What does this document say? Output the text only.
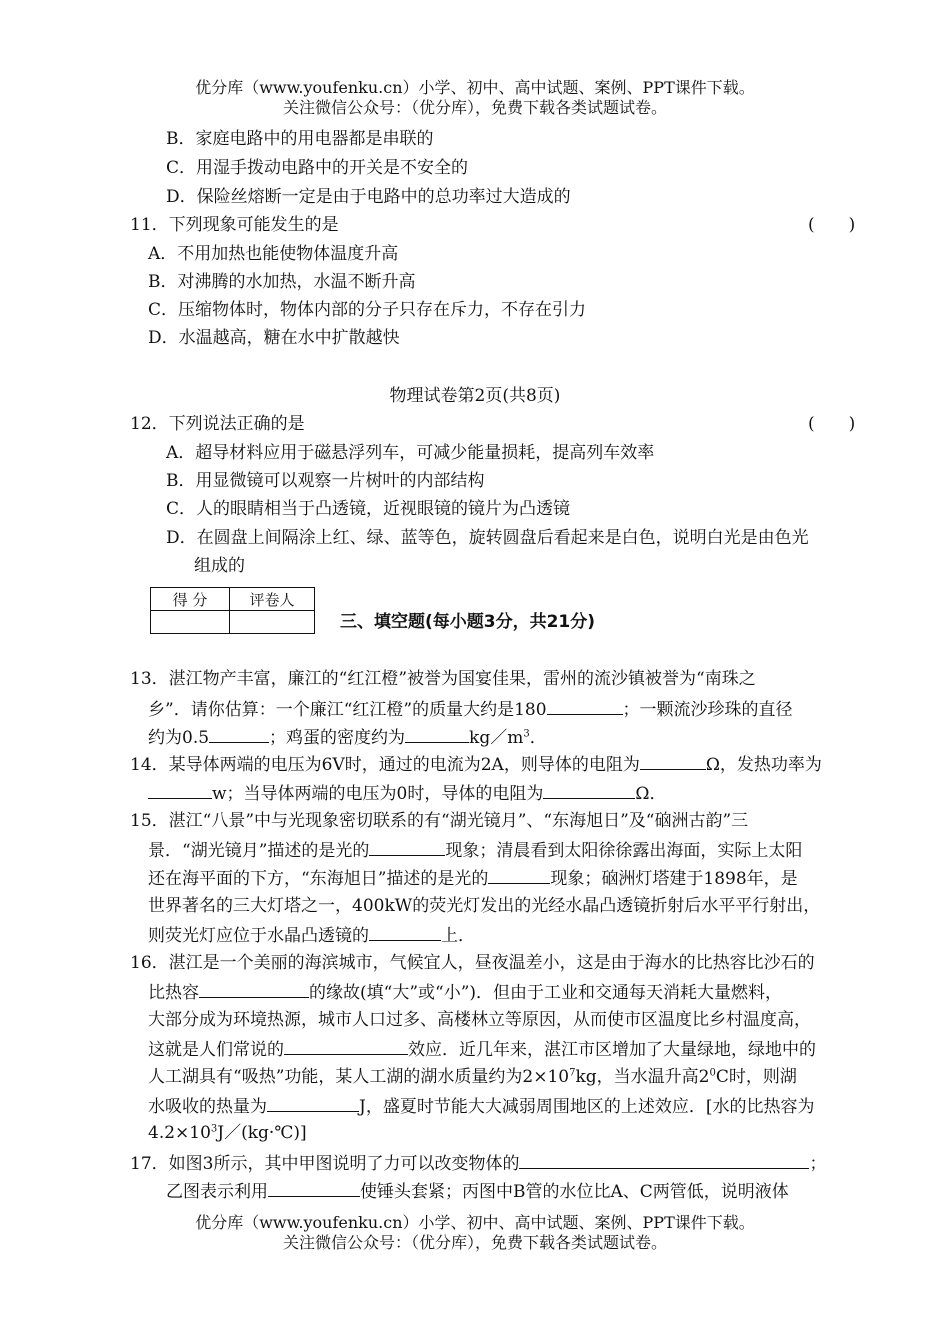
优分库（www.youfenku.cn）小学、初中、高中试题、案例、PPT课件下载。
关注微信公众号：（优分库），免费下载各类试题试卷。
B．家庭电路中的用电器都是串联的
C．用湿手拨动电路中的开关是不安全的
D．保险丝熔断一定是由于电路中的总功率过大造成的
11．下列现象可能发生的是	(　　)
A．不用加热也能使物体温度升高
B．对沸腾的水加热，水温不断升高
C．压缩物体时，物体内部的分子只存在斥力，不存在引力
D．水温越高，糖在水中扩散越快
物理试卷第2页(共8页)
12．下列说法正确的是	(　　)
A．超导材料应用于磁悬浮列车，可减少能量损耗，提高列车效率
B．用显微镜可以观察一片树叶的内部结构
C．人的眼睛相当于凸透镜，近视眼镜的镜片为凸透镜
D．在圆盘上间隔涂上红、绿、蓝等色，旋转圆盘后看起来是白色，说明白光是由色光
组成的
得 分	评卷人

三、填空题(每小题3分，共21分)
13．湛江物产丰富，廉江的“红江橙”被誉为国宴佳果，雷州的流沙镇被誉为“南珠之
乡”．请你估算：一个廉江“红江橙”的质量大约是180	；一颗流沙珍珠的直径
约为0.5	；鸡蛋的密度约为	$kg/m^3$．
14．某导体两端的电压为6V时，通过的电流为2A，则导体的电阻为	Ω，发热功率为
w；当导体两端的电压为0时，导体的电阻为	Ω．
15．湛江“八景”中与光现象密切联系的有“湖光镜月”、“东海旭日”及“硇洲古韵”三
景．“湖光镜月”描述的是光的	现象；清晨看到太阳徐徐露出海面，实际上太阳
还在海平面的下方，“东海旭日”描述的是光的	现象；硇洲灯塔建于1898年，是
世界著名的三大灯塔之一，400kW的荧光灯发出的光经水晶凸透镜折射后水平平行射出，
则荧光灯应位于水晶凸透镜的	上．
16．湛江是一个美丽的海滨城市，气候宜人，昼夜温差小，这是由于海水的比热容比沙石的
比热容	的缘故(填“大”或“小”)．但由于工业和交通每天消耗大量燃料，
大部分成为环境热源，城市人口过多、高楼林立等原因，从而使市区温度比乡村温度高，
这就是人们常说的	效应．近几年来，湛江市区增加了大量绿地，绿地中的
人工湖具有“吸热”功能，某人工湖的湖水质量约为$2\times 10^7kg$，当水温升高$2^0C$时，则湖
水吸收的热量为	J，盛夏时节能大大减弱周围地区的上述效应．[水的比热容为
$4.2\times 10^3J/(kg\cdot℃)$]
17．如图3所示，其中甲图说明了力可以改变物体的	；
乙图表示利用	使锤头套紧；丙图中B管的水位比A、C两管低，说明液体
优分库（www.youfenku.cn）小学、初中、高中试题、案例、PPT课件下载。
关注微信公众号：（优分库），免费下载各类试题试卷。
